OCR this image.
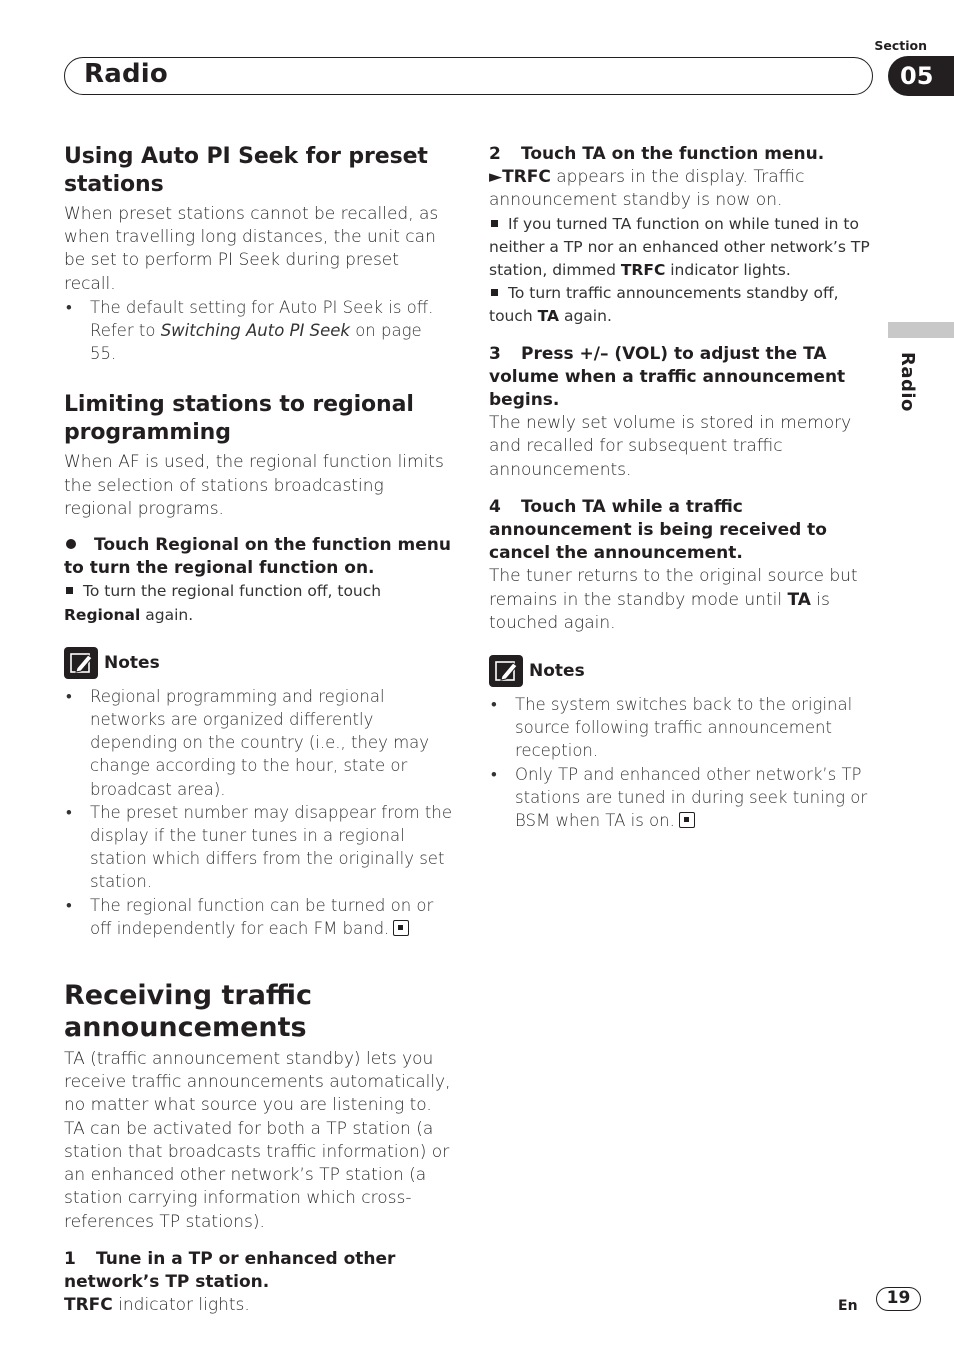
Section
Radio	05
Radio
Using Auto PI Seek for preset stations

When preset stations cannot be recalled, as when travelling long distances, the unit can be set to perform PI Seek during preset recall.

• The default setting for Auto PI Seek is off. Refer to Switching Auto PI Seek on page 55.
Limiting stations to regional programming

When AF is used, the regional function limits the selection of stations broadcasting regional programs.

Touch Regional on the function menu to turn the regional function on.
To turn the regional function off, touch
Regional again.
Notes
• Regional programming and regional networks are organized differently depending on the country (i.e., they may change according to the hour, state or broadcast area).
• The preset number may disappear from the display if the tuner tunes in a regional station which differs from the originally set station.
• The regional function can be turned on or off independently for each FM band.
Receiving traffic announcements

TA (traffic announcement standby) lets you receive traffic announcements automatically, no matter what source you are listening to. TA can be activated for both a TP station (a station that broadcasts traffic information) or an enhanced other network’s TP station (a station carrying information which cross-references TP stations).

1 Tune in a TP or enhanced other network’s TP station.

TRFC indicator lights.

2 Touch TA on the function menu.

►TRFC appears in the display. Traffic announcement standby is now on.

If you turned TA function on while tuned in to neither a TP nor an enhanced other network’s TP station, dimmed TRFC indicator lights.
To turn traffic announcements standby off, touch TA again.
3 Press +/– (VOL) to adjust the TA volume when a traffic announcement begins.

The newly set volume is stored in memory and recalled for subsequent traffic announcements.

4 Touch TA while a traffic announcement is being received to cancel the announcement.

The tuner returns to the original source but remains in the standby mode until TA is touched again.

Notes
• The system switches back to the original source following traffic announcement reception.
• Only TP and enhanced other network’s TP stations are tuned in during seek tuning or BSM when TA is on.
En	19
